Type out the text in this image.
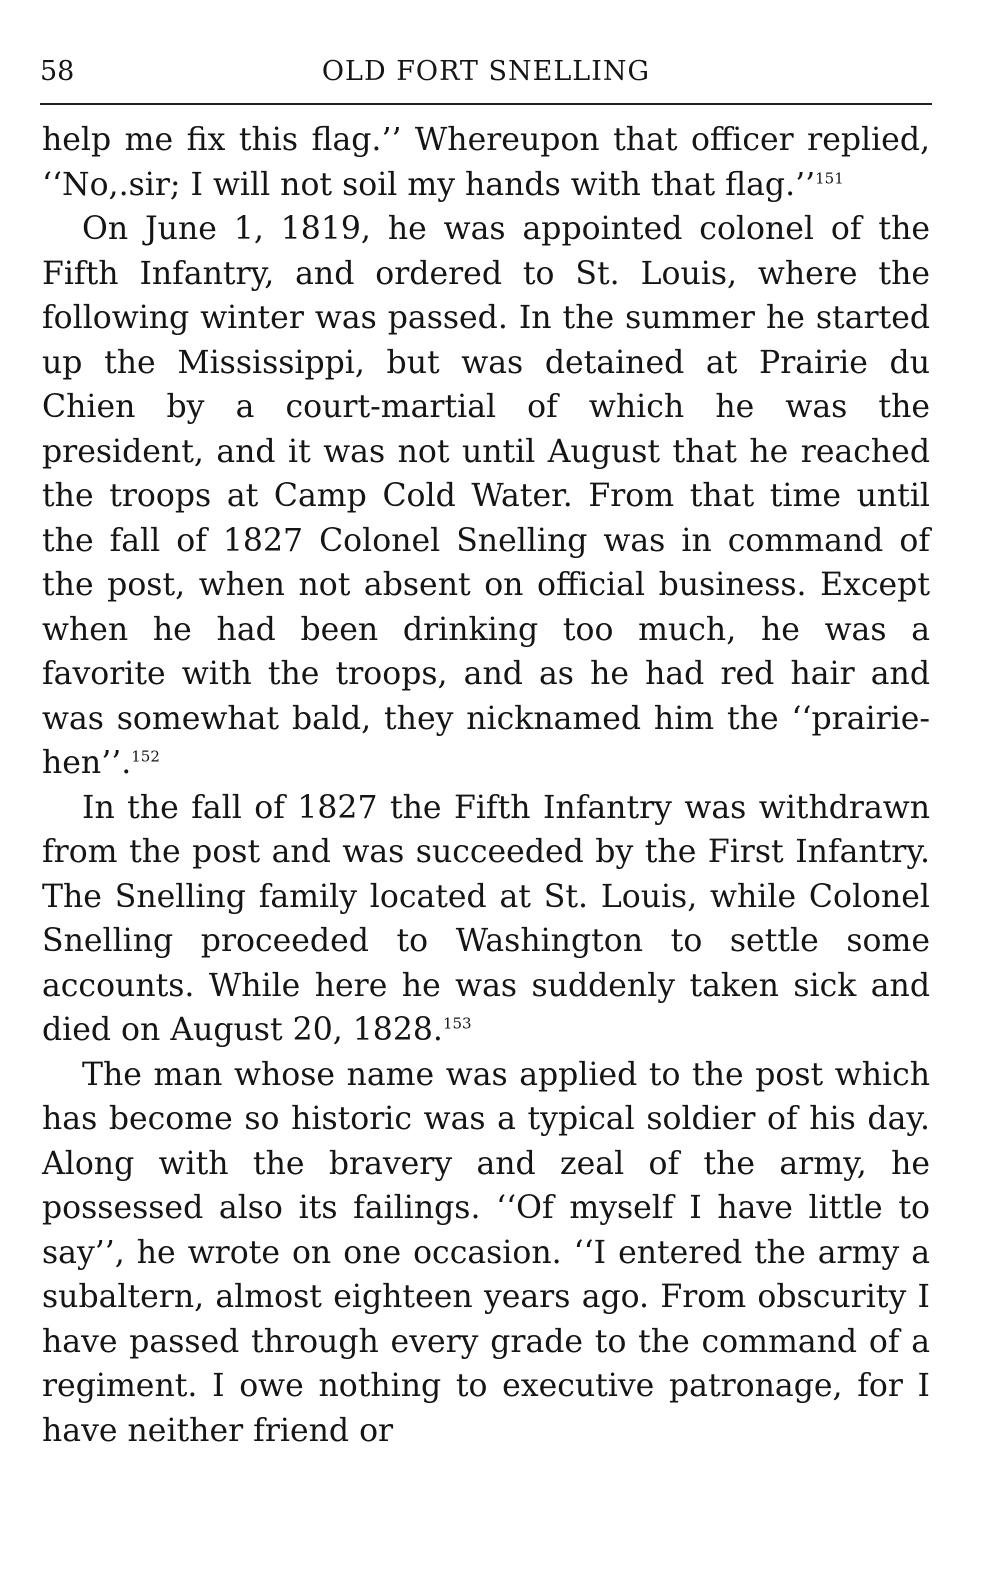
58	OLD FORT SNELLING

help me fix this flag.’’ Whereupon that officer replied, ‘‘No,.sir; I will not soil my hands with that flag.’’$^{151}$

On June 1, 1819, he was appointed colonel of the Fifth Infantry, and ordered to St. Louis, where the following winter was passed. In the summer he started up the Mississippi, but was detained at Prairie du Chien by a court-martial of which he was the president, and it was not until August that he reached the troops at Camp Cold Water. From that time until the fall of 1827 Colonel Snelling was in command of the post, when not absent on official business. Except when he had been drinking too much, he was a favorite with the troops, and as he had red hair and was somewhat bald, they nicknamed him the ‘‘prairie-hen’’.$^{152}$

In the fall of 1827 the Fifth Infantry was withdrawn from the post and was succeeded by the First Infantry. The Snelling family located at St. Louis, while Colonel Snelling proceeded to Washington to settle some accounts. While here he was suddenly taken sick and died on August 20, 1828.$^{153}$

The man whose name was applied to the post which has become so historic was a typical soldier of his day. Along with the bravery and zeal of the army, he possessed also its failings. ‘‘Of myself I have little to say’’, he wrote on one occasion. ‘‘I entered the army a subaltern, almost eighteen years ago. From obscurity I have passed through every grade to the command of a regiment. I owe nothing to executive patronage, for I have neither friend or
